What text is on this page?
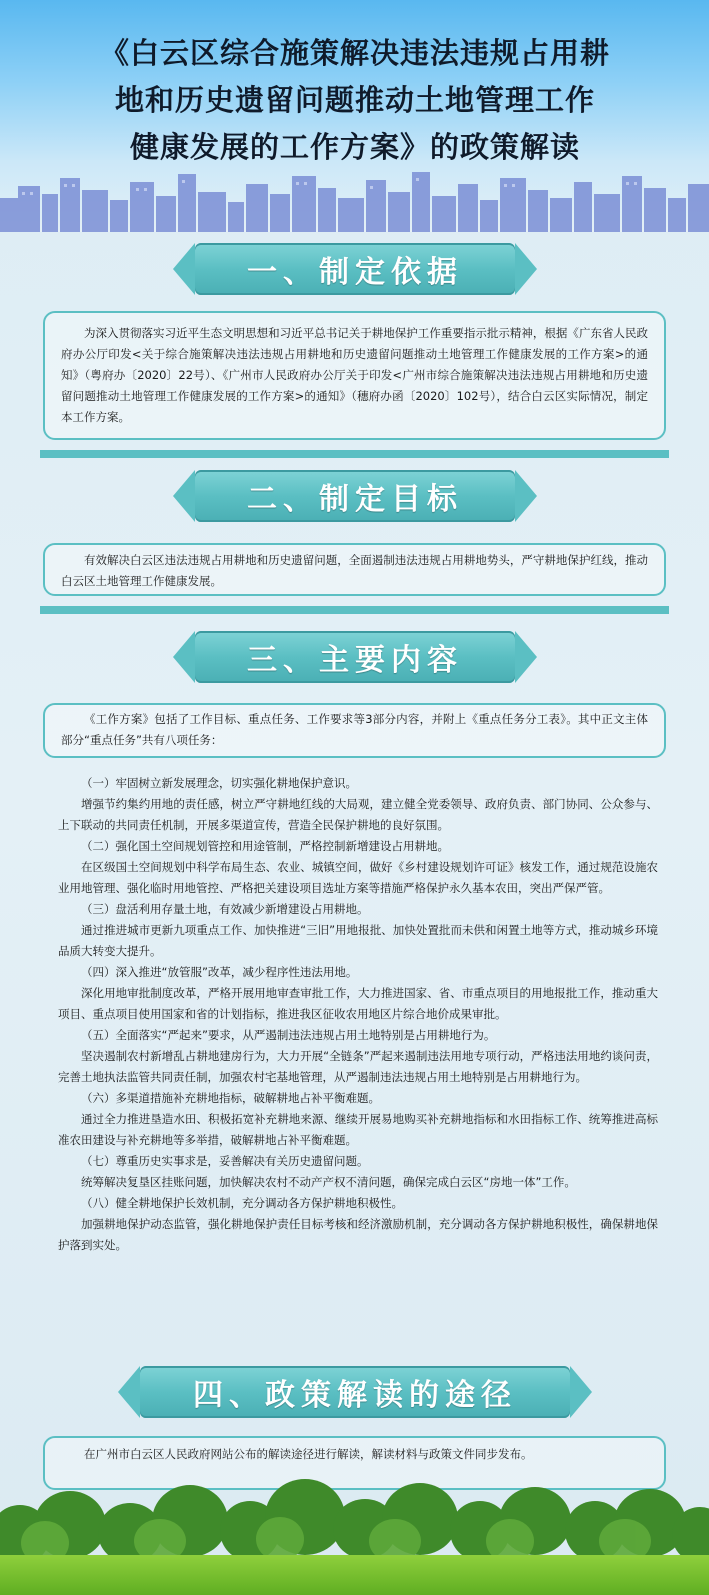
《白云区综合施策解决违法违规占用耕
地和历史遗留问题推动土地管理工作
健康发展的工作方案》的政策解读
一、制定依据

为深入贯彻落实习近平生态文明思想和习近平总书记关于耕地保护工作重要指示批示精神，根据《广东省人民政府办公厅印发<关于综合施策解决违法违规占用耕地和历史遗留问题推动土地管理工作健康发展的工作方案>的通知》（粤府办〔2020〕22号）、《广州市人民政府办公厅关于印发<广州市综合施策解决违法违规占用耕地和历史遗留问题推动土地管理工作健康发展的工作方案>的通知》（穗府办函〔2020〕102号），结合白云区实际情况，制定本工作方案。

二、制定目标

有效解决白云区违法违规占用耕地和历史遗留问题，全面遏制违法违规占用耕地势头，严守耕地保护红线，推动白云区土地管理工作健康发展。

三、主要内容

《工作方案》包括了工作目标、重点任务、工作要求等3部分内容，并附上《重点任务分工表》。其中正文主体部分“重点任务”共有八项任务：

（一）牢固树立新发展理念，切实强化耕地保护意识。

增强节约集约用地的责任感，树立严守耕地红线的大局观，建立健全党委领导、政府负责、部门协同、公众参与、上下联动的共同责任机制，开展多渠道宣传，营造全民保护耕地的良好氛围。

（二）强化国土空间规划管控和用途管制，严格控制新增建设占用耕地。

在区级国土空间规划中科学布局生态、农业、城镇空间，做好《乡村建设规划许可证》核发工作，通过规范设施农业用地管理、强化临时用地管控、严格把关建设项目选址方案等措施严格保护永久基本农田，突出严保严管。

（三）盘活利用存量土地，有效减少新增建设占用耕地。

通过推进城市更新九项重点工作、加快推进“三旧”用地报批、加快处置批而未供和闲置土地等方式，推动城乡环境品质大转变大提升。

（四）深入推进“放管服”改革，减少程序性违法用地。

深化用地审批制度改革，严格开展用地审查审批工作，大力推进国家、省、市重点项目的用地报批工作，推动重大项目、重点项目使用国家和省的计划指标，推进我区征收农用地区片综合地价成果审批。

（五）全面落实“严起来”要求，从严遏制违法违规占用土地特别是占用耕地行为。

坚决遏制农村新增乱占耕地建房行为，大力开展“全链条”严起来遏制违法用地专项行动，严格违法用地约谈问责，完善土地执法监管共同责任制，加强农村宅基地管理，从严遏制违法违规占用土地特别是占用耕地行为。

（六）多渠道措施补充耕地指标，破解耕地占补平衡难题。

通过全力推进垦造水田、积极拓宽补充耕地来源、继续开展易地购买补充耕地指标和水田指标工作、统筹推进高标准农田建设与补充耕地等多举措，破解耕地占补平衡难题。

（七）尊重历史实事求是，妥善解决有关历史遗留问题。

统筹解决复垦区挂账问题，加快解决农村不动产产权不清问题，确保完成白云区“房地一体”工作。

（八）健全耕地保护长效机制，充分调动各方保护耕地积极性。

加强耕地保护动态监管，强化耕地保护责任目标考核和经济激励机制，充分调动各方保护耕地积极性，确保耕地保护落到实处。

四、政策解读的途径

在广州市白云区人民政府网站公布的解读途径进行解读，解读材料与政策文件同步发布。
